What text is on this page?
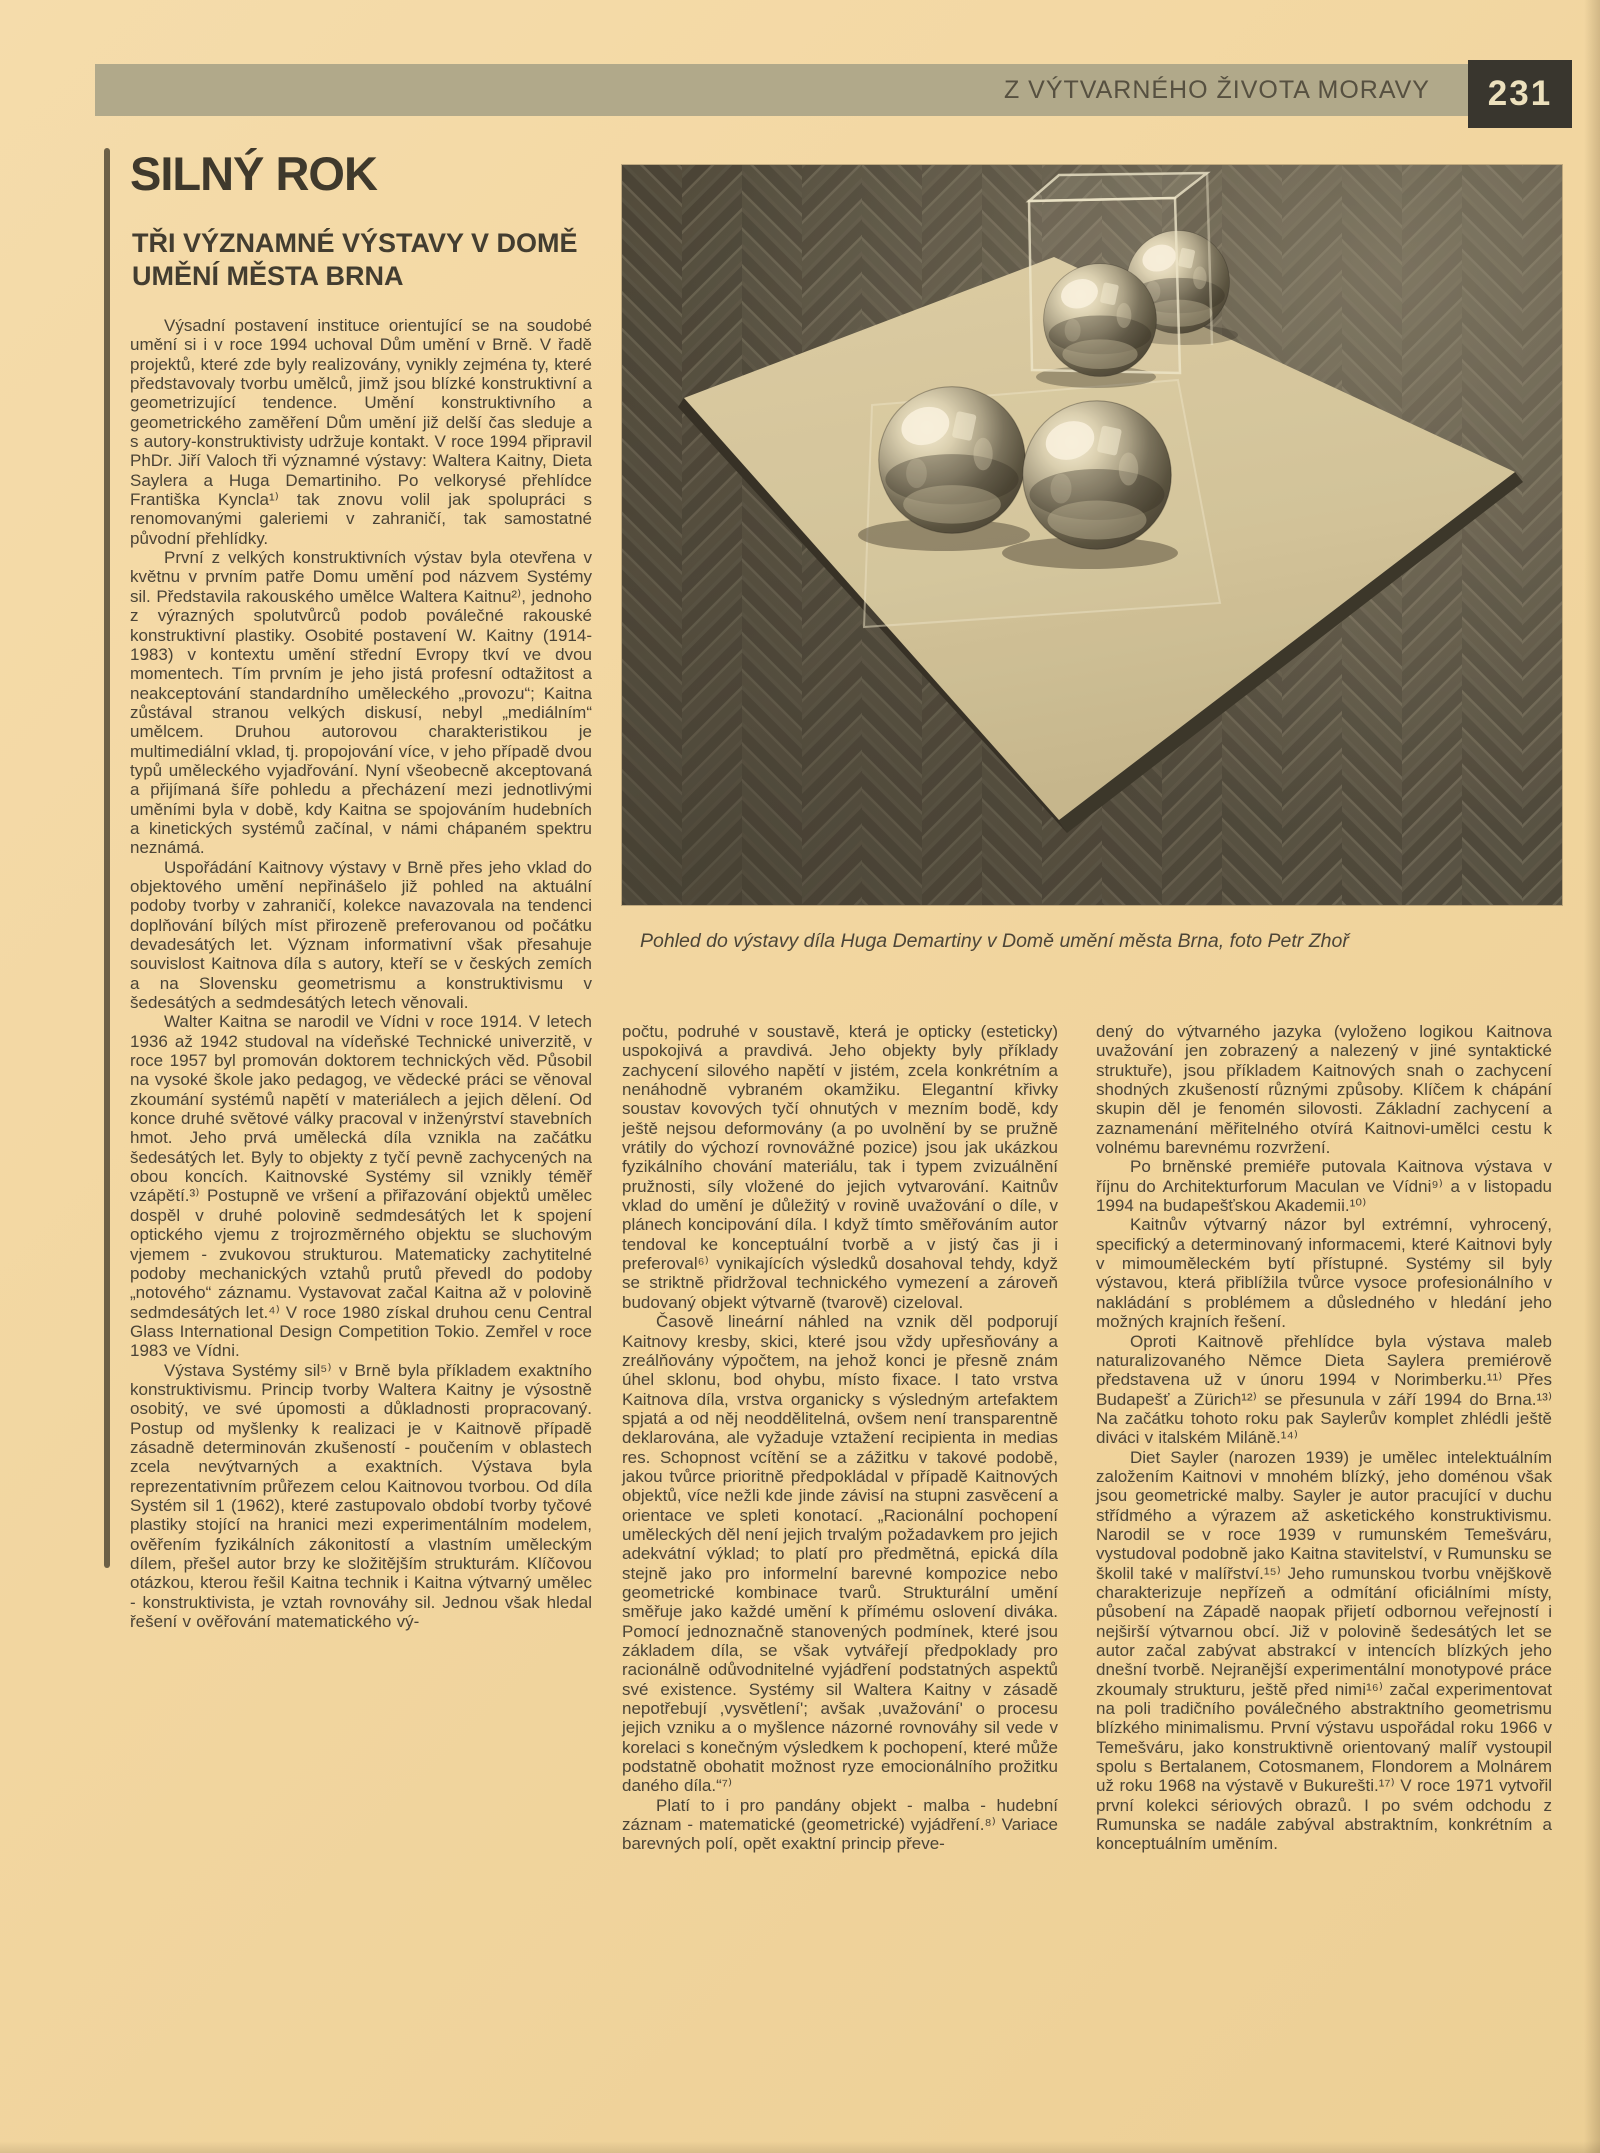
Z VÝTVARNÉHO ŽIVOTA MORAVY	231
SILNÝ ROK
TŘI VÝZNAMNÉ VÝSTAVY V DOMĚ
UMĚNÍ MĚSTA BRNA
Pohled do výstavy díla Huga Demartiny v Domě umění města Brna, foto Petr Zhoř

Výsadní postavení instituce orientující se na soudobé umění si i v roce 1994 uchoval Dům umění v Brně. V řadě projektů, které zde byly realizovány, vynikly zejména ty, které představovaly tvorbu umělců, jimž jsou blízké konstruktivní a geometrizující tendence. Umění konstruktivního a geometrického zaměření Dům umění již delší čas sleduje a s autory-konstruktivisty udržuje kontakt. V roce 1994 připravil PhDr. Jiří Valoch tři významné výstavy: Waltera Kaitny, Dieta Saylera a Huga Demartiniho. Po velkorysé přehlídce Františka Kyncla¹⁾ tak znovu volil jak spolupráci s renomovanými galeriemi v zahraničí, tak samostatné původní přehlídky.

První z velkých konstruktivních výstav byla otevřena v květnu v prvním patře Domu umění pod názvem Systémy sil. Představila rakouského umělce Waltera Kaitnu²⁾, jednoho z výrazných spolutvůrců podob poválečné rakouské konstruktivní plastiky. Osobité postavení W. Kaitny (1914-1983) v kontextu umění střední Evropy tkví ve dvou momentech. Tím prvním je jeho jistá profesní odtažitost a neakceptování standardního uměleckého „provozu“; Kaitna zůstával stranou velkých diskusí, nebyl „mediálním“ umělcem. Druhou autorovou charakteristikou je multimediální vklad, tj. propojování více, v jeho případě dvou typů uměleckého vyjadřování. Nyní všeobecně akceptovaná a přijímaná šíře pohledu a přecházení mezi jednotlivými uměními byla v době, kdy Kaitna se spojováním hudebních a kinetických systémů začínal, v námi chápaném spektru neznámá.

Uspořádání Kaitnovy výstavy v Brně přes jeho vklad do objektového umění nepřinášelo již pohled na aktuální podoby tvorby v zahraničí, kolekce navazovala na tendenci doplňování bílých míst přirozeně preferovanou od počátku devadesátých let. Význam informativní však přesahuje souvislost Kaitnova díla s autory, kteří se v českých zemích a na Slovensku geometrismu a konstruktivismu v šedesátých a sedmdesátých letech věnovali.

Walter Kaitna se narodil ve Vídni v roce 1914. V letech 1936 až 1942 studoval na vídeňské Technické univerzitě, v roce 1957 byl promován doktorem technických věd. Působil na vysoké škole jako pedagog, ve vědecké práci se věnoval zkoumání systémů napětí v materiálech a jejich dělení. Od konce druhé světové války pracoval v inženýrství stavebních hmot. Jeho prvá umělecká díla vznikla na začátku šedesátých let. Byly to objekty z tyčí pevně zachycených na obou koncích. Kaitnovské Systémy sil vznikly téměř vzápětí.³⁾ Postupně ve vršení a přiřazování objektů umělec dospěl v druhé polovině sedmdesátých let k spojení optického vjemu z trojrozměrného objektu se sluchovým vjemem - zvukovou strukturou. Matematicky zachytitelné podoby mechanických vztahů prutů převedl do podoby „notového“ záznamu. Vystavovat začal Kaitna až v polovině sedmdesátých let.⁴⁾ V roce 1980 získal druhou cenu Central Glass International Design Competition Tokio. Zemřel v roce 1983 ve Vídni.

Výstava Systémy sil⁵⁾ v Brně byla příkladem exaktního konstruktivismu. Princip tvorby Waltera Kaitny je výsostně osobitý, ve své úpomosti a důkladnosti propracovaný. Postup od myšlenky k realizaci je v Kaitnově případě zásadně determinován zkušeností - poučením v oblastech zcela nevýtvarných a exaktních. Výstava byla reprezentativním průřezem celou Kaitnovou tvorbou. Od díla Systém sil 1 (1962), které zastupovalo období tvorby tyčové plastiky stojící na hranici mezi experimentálním modelem, ověřením fyzikálních zákonitostí a vlastním uměleckým dílem, přešel autor brzy ke složitějším strukturám. Klíčovou otázkou, kterou řešil Kaitna technik i Kaitna výtvarný umělec - konstruktivista, je vztah rovnováhy sil. Jednou však hledal řešení v ověřování matematického vý-

počtu, podruhé v soustavě, která je opticky (esteticky) uspokojivá a pravdivá. Jeho objekty byly příklady zachycení silového napětí v jistém, zcela konkrétním a nenáhodně vybraném okamžiku. Elegantní křivky soustav kovových tyčí ohnutých v mezním bodě, kdy ještě nejsou deformovány (a po uvolnění by se pružně vrátily do výchozí rovnovážné pozice) jsou jak ukázkou fyzikálního chování materiálu, tak i typem zvizuálnění pružnosti, síly vložené do jejich vytvarování. Kaitnův vklad do umění je důležitý v rovině uvažování o díle, v plánech koncipování díla. I když tímto směřováním autor tendoval ke konceptuální tvorbě a v jistý čas ji i preferoval⁶⁾ vynikajících výsledků dosahoval tehdy, když se striktně přidržoval technického vymezení a zároveň budovaný objekt výtvarně (tvarově) cizeloval.

Časově lineární náhled na vznik děl podporují Kaitnovy kresby, skici, které jsou vždy upřesňovány a zreálňovány výpočtem, na jehož konci je přesně znám úhel sklonu, bod ohybu, místo fixace. I tato vrstva Kaitnova díla, vrstva organicky s výsledným artefaktem spjatá a od něj neoddělitelná, ovšem není transparentně deklarována, ale vyžaduje vztažení recipienta in medias res. Schopnost vcítění se a zážitku v takové podobě, jakou tvůrce prioritně předpokládal v případě Kaitnových objektů, více nežli kde jinde závisí na stupni zasvěcení a orientace ve spleti konotací. „Racionální pochopení uměleckých děl není jejich trvalým požadavkem pro jejich adekvátní výklad; to platí pro předmětná, epická díla stejně jako pro informelní barevné kompozice nebo geometrické kombinace tvarů. Strukturální umění směřuje jako každé umění k přímému oslovení diváka. Pomocí jednoznačně stanovených podmínek, které jsou základem díla, se však vytvářejí předpoklady pro racionálně odůvodnitelné vyjádření podstatných aspektů své existence. Systémy sil Waltera Kaitny v zásadě nepotřebují ,vysvětlení'; avšak ,uvažování' o procesu jejich vzniku a o myšlence názorné rovnováhy sil vede v korelaci s konečným výsledkem k pochopení, které může podstatně obohatit možnost ryze emocionálního prožitku daného díla.“⁷⁾

Platí to i pro pandány objekt - malba - hudební záznam - matematické (geometrické) vyjádření.⁸⁾ Variace barevných polí, opět exaktní princip převe-

dený do výtvarného jazyka (vyloženo logikou Kaitnova uvažování jen zobrazený a nalezený v jiné syntaktické struktuře), jsou příkladem Kaitnových snah o zachycení shodných zkušeností různými způsoby. Klíčem k chápání skupin děl je fenomén silovosti. Základní zachycení a zaznamenání měřitelného otvírá Kaitnovi-umělci cestu k volnému barevnému rozvržení.

Po brněnské premiéře putovala Kaitnova výstava v říjnu do Architekturforum Maculan ve Vídni⁹⁾ a v listopadu 1994 na budapešťskou Akademii.¹⁰⁾

Kaitnův výtvarný názor byl extrémní, vyhrocený, specifický a determinovaný informacemi, které Kaitnovi byly v mimouměleckém bytí přístupné. Systémy sil byly výstavou, která přiblížila tvůrce vysoce profesionálního v nakládání s problémem a důsledného v hledání jeho možných krajních řešení.

Oproti Kaitnově přehlídce byla výstava maleb naturalizovaného Němce Dieta Saylera premiérově představena už v únoru 1994 v Norimberku.¹¹⁾ Přes Budapešť a Zürich¹²⁾ se přesunula v září 1994 do Brna.¹³⁾ Na začátku tohoto roku pak Saylerův komplet zhlédli ještě diváci v italském Miláně.¹⁴⁾

Diet Sayler (narozen 1939) je umělec intelektuálním založením Kaitnovi v mnohém blízký, jeho doménou však jsou geometrické malby. Sayler je autor pracující v duchu střídmého a výrazem až asketického konstruktivismu. Narodil se v roce 1939 v rumunském Temešváru, vystudoval podobně jako Kaitna stavitelství, v Rumunsku se školil také v malířství.¹⁵⁾ Jeho rumunskou tvorbu vnějškově charakterizuje nepřízeň a odmítání oficiálními místy, působení na Západě naopak přijetí odbornou veřejností i nejširší výtvarnou obcí. Již v polovině šedesátých let se autor začal zabývat abstrakcí v intencích blízkých jeho dnešní tvorbě. Nejranější experimentální monotypové práce zkoumaly strukturu, ještě před nimi¹⁶⁾ začal experimentovat na poli tradičního poválečného abstraktního geometrismu blízkého minimalismu. První výstavu uspořádal roku 1966 v Temešváru, jako konstruktivně orientovaný malíř vystoupil spolu s Bertalanem, Cotosmanem, Flondorem a Molnárem už roku 1968 na výstavě v Bukurešti.¹⁷⁾ V roce 1971 vytvořil první kolekci sériových obrazů. I po svém odchodu z Rumunska se nadále zabýval abstraktním, konkrétním a konceptuálním uměním.
